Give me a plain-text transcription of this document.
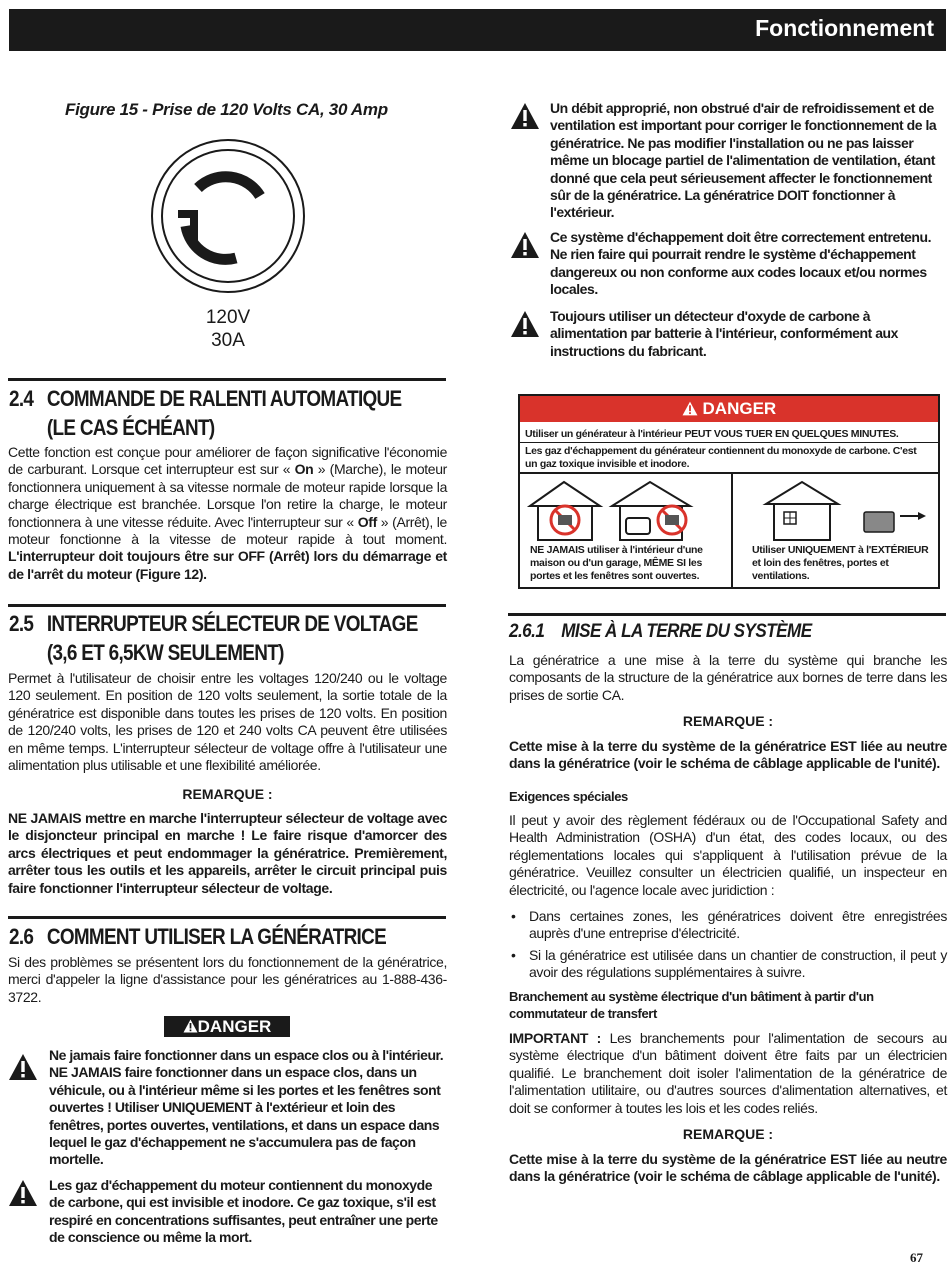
Fonctionnement
Figure 15 - Prise de 120 Volts CA, 30 Amp
120V
30A
Un débit approprié, non obstrué d'air de refroidissement et de ventilation est important pour corriger le fonctionnement de la génératrice. Ne pas modifier l'installation ou ne pas laisser même un blocage partiel de l'alimentation de ventilation, étant donné que cela peut sérieusement affecter le fonctionnement sûr de la génératrice. La génératrice DOIT fonctionner à l'extérieur.
Ce système d'échappement doit être correctement entretenu. Ne rien faire qui pourrait rendre le système d'échappement dangereux ou non conforme aux codes locaux et/ou normes locales.
Toujours utiliser un détecteur d'oxyde de carbone à alimentation par batterie à l'intérieur, conformément aux instructions du fabricant.
2.4 COMMANDE DE RALENTI AUTOMATIQUE
(LE CAS ÉCHÉANT)
Cette fonction est conçue pour améliorer de façon significative l'économie de carburant. Lorsque cet interrupteur est sur « On » (Marche), le moteur fonctionnera uniquement à sa vitesse normale de moteur rapide lorsque la charge électrique est branchée. Lorsque l'on retire la charge, le moteur fonctionnera à une vitesse réduite. Avec l'interrupteur sur « Off » (Arrêt), le moteur fonctionne à la vitesse de moteur rapide à tout moment. L'interrupteur doit toujours être sur OFF (Arrêt) lors du démarrage et de l'arrêt du moteur (Figure 12).
2.5 INTERRUPTEUR SÉLECTEUR DE VOLTAGE
(3,6 ET 6,5KW SEULEMENT)
Permet à l'utilisateur de choisir entre les voltages 120/240 ou le voltage 120 seulement. En position de 120 volts seulement, la sortie totale de la génératrice est disponible dans toutes les prises de 120 volts. En position de 120/240 volts, les prises de 120 et 240 volts CA peuvent être utilisées en même temps. L'interrupteur sélecteur de voltage offre à l'utilisateur une alimentation plus utilisable et une flexibilité améliorée.
REMARQUE :
NE JAMAIS mettre en marche l'interrupteur sélecteur de voltage avec le disjoncteur principal en marche ! Le faire risque d'amorcer des arcs électriques et peut endommager la génératrice. Premièrement, arrêter tous les outils et les appareils, arrêter le circuit principal puis faire fonctionner l'interrupteur sélecteur de voltage.
2.6 COMMENT UTILISER LA GÉNÉRATRICE
Si des problèmes se présentent lors du fonctionnement de la génératrice, merci d'appeler la ligne d'assistance pour les génératrices au 1-888-436-3722.
DANGER
Ne jamais faire fonctionner dans un espace clos ou à l'intérieur. NE JAMAIS faire fonctionner dans un espace clos, dans un véhicule, ou à l'intérieur même si les portes et les fenêtres sont ouvertes ! Utiliser UNIQUEMENT à l'extérieur et loin des fenêtres, portes ouvertes, ventilations, et dans un espace dans lequel le gaz d'échappement ne s'accumulera pas de façon mortelle.
Les gaz d'échappement du moteur contiennent du monoxyde de carbone, qui est invisible et inodore. Ce gaz toxique, s'il est respiré en concentrations suffisantes, peut entraîner une perte de conscience ou même la mort.
DANGER
Utiliser un générateur à l'intérieur PEUT VOUS TUER EN QUELQUES MINUTES.
Les gaz d'échappement du générateur contiennent du monoxyde de carbone. C'est un gaz toxique invisible et inodore.
NE JAMAIS utiliser à l'intérieur d'une maison ou d'un garage, MÊME SI les portes et les fenêtres sont ouvertes.
Utiliser UNIQUEMENT à l'EXTÉRIEUR et loin des fenêtres, portes et ventilations.
2.6.1 MISE À LA TERRE DU SYSTÈME
La génératrice a une mise à la terre du système qui branche les composants de la structure de la génératrice aux bornes de terre dans les prises de sortie CA.
REMARQUE :
Cette mise à la terre du système de la génératrice EST liée au neutre dans la génératrice (voir le schéma de câblage applicable de l'unité).
Exigences spéciales
Il peut y avoir des règlement fédéraux ou de l'Occupational Safety and Health Administration (OSHA) d'un état, des codes locaux, ou des réglementations locales qui s'appliquent à l'utilisation prévue de la génératrice. Veuillez consulter un électricien qualifié, un inspecteur en électricité, ou l'agence locale avec juridiction :
• Dans certaines zones, les génératrices doivent être enregistrées auprès d'une entreprise d'électricité.
• Si la génératrice est utilisée dans un chantier de construction, il peut y avoir des régulations supplémentaires à suivre.
Branchement au système électrique d'un bâtiment à partir d'un commutateur de transfert
IMPORTANT : Les branchements pour l'alimentation de secours au système électrique d'un bâtiment doivent être faits par un électricien qualifié. Le branchement doit isoler l'alimentation de la génératrice de l'alimentation utilitaire, ou d'autres sources d'alimentation alternatives, et doit se conformer à toutes les lois et les codes reliés.
REMARQUE :
Cette mise à la terre du système de la génératrice EST liée au neutre dans la génératrice (voir le schéma de câblage applicable de l'unité).
67
